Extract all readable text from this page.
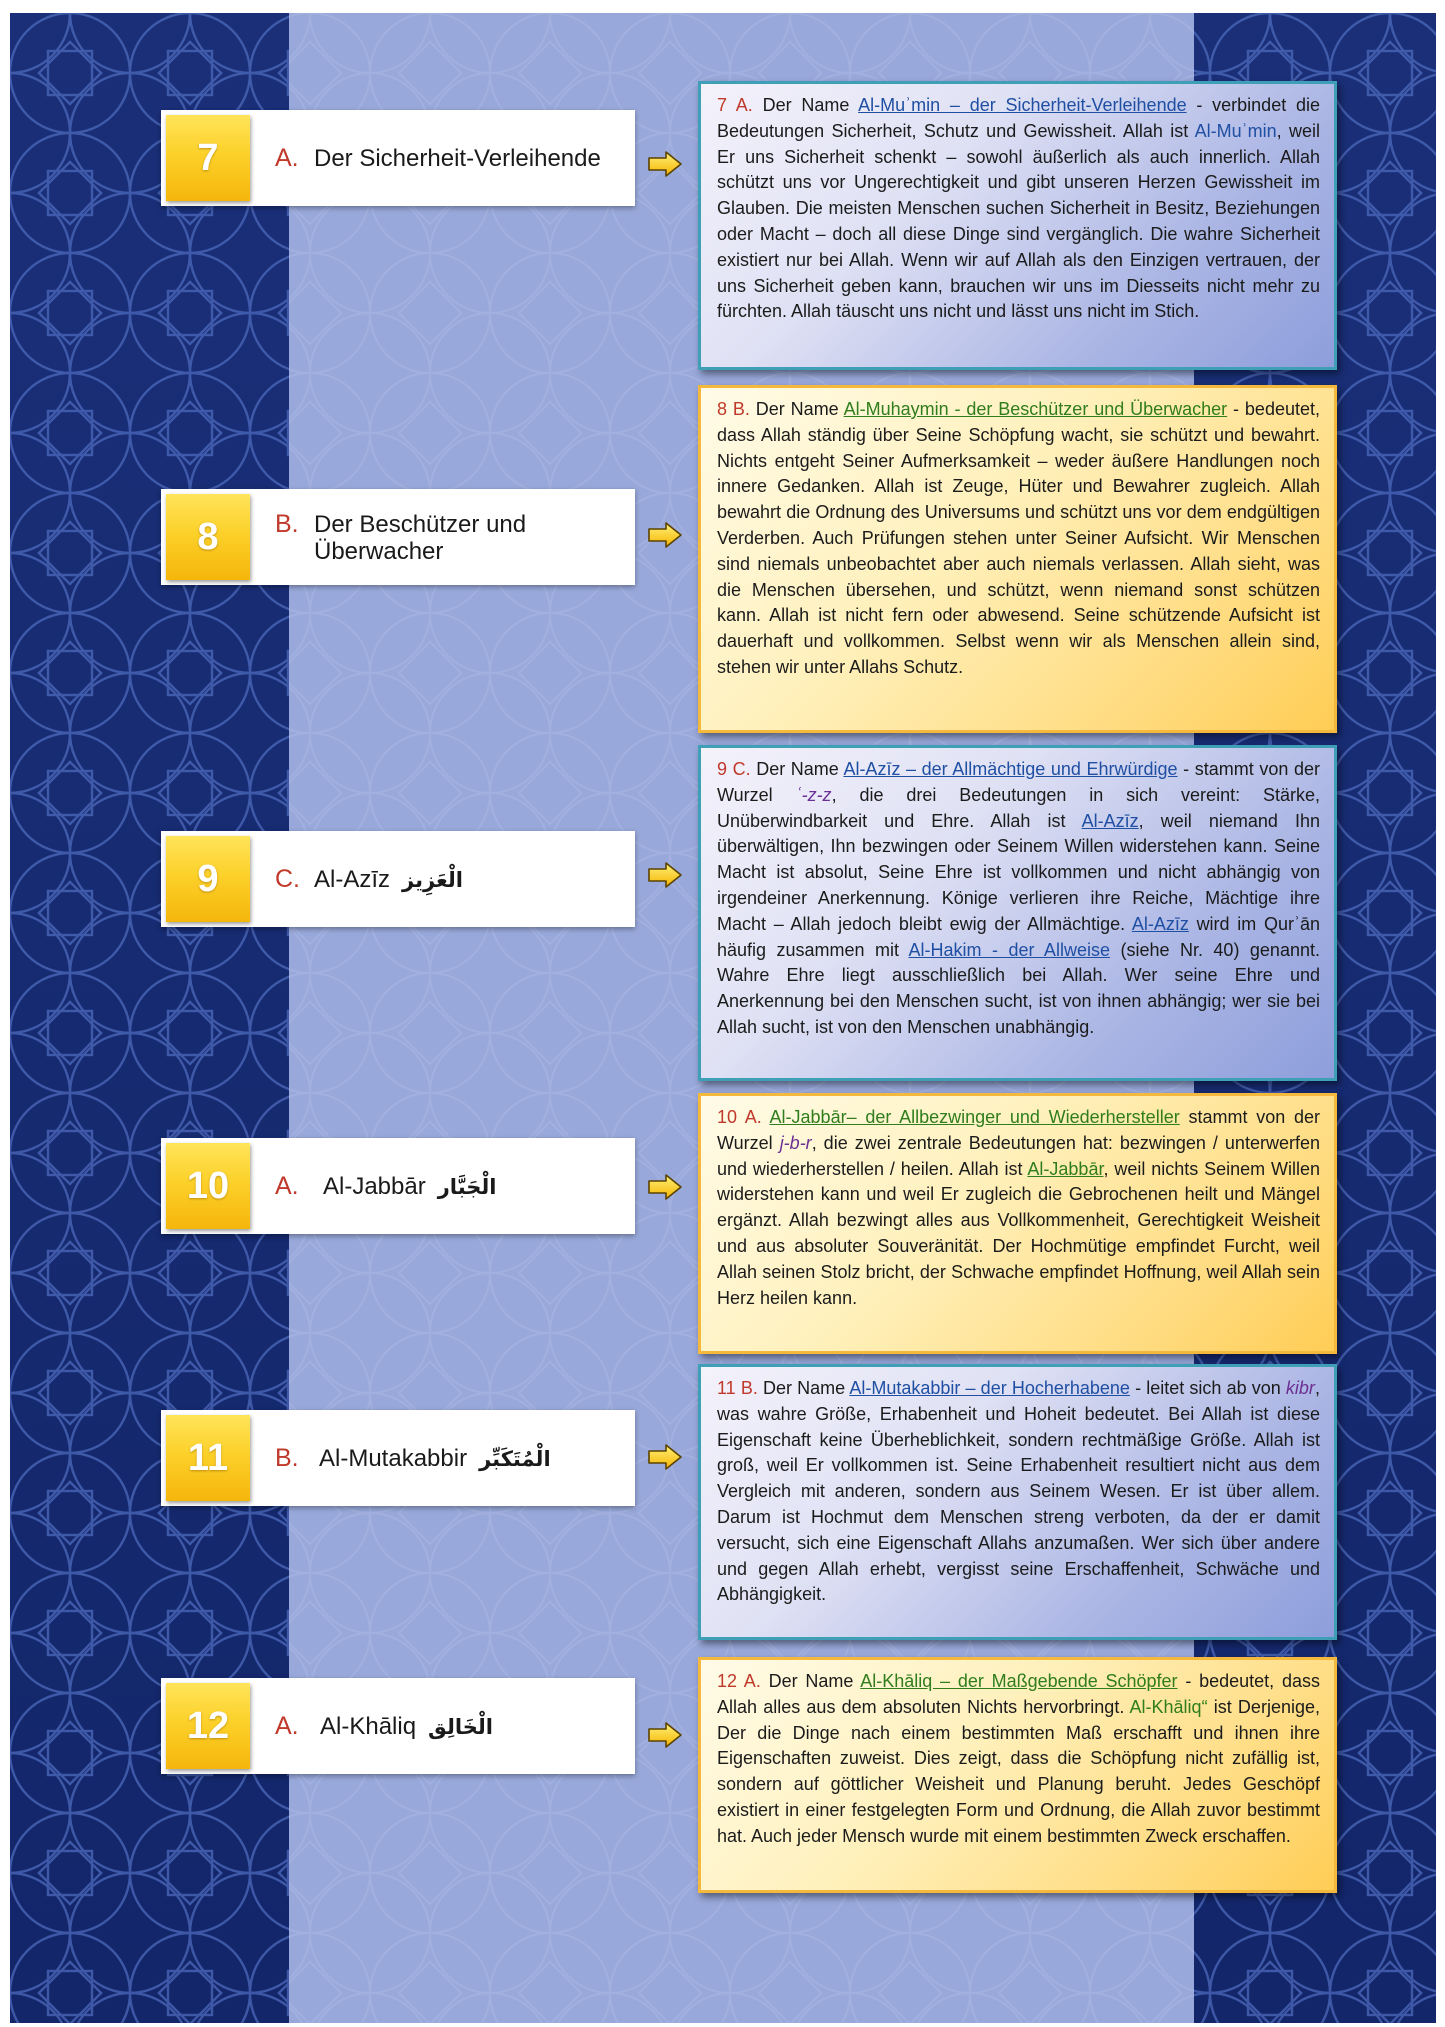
7	A. Der Sicherheit-Verleihende
7 A. Der Name Al-Muʾmin – der Sicherheit-Verleihende - verbindet die Bedeutungen Sicherheit, Schutz und Gewissheit. Allah ist Al-Muʾmin, weil Er uns Sicherheit schenkt – sowohl äußerlich als auch innerlich. Allah schützt uns vor Ungerechtigkeit und gibt unseren Herzen Gewissheit im Glauben. Die meisten Menschen suchen Sicherheit in Besitz, Beziehungen oder Macht – doch all diese Dinge sind vergänglich. Die wahre Sicherheit existiert nur bei Allah. Wenn wir auf Allah als den Einzigen vertrauen, der uns Sicherheit geben kann, brauchen wir uns im Diesseits nicht mehr zu fürchten. Allah täuscht uns nicht und lässt uns nicht im Stich.
8	B. Der Beschützer und Überwacher
8 B. Der Name Al-Muhaymin - der Beschützer und Überwacher - bedeutet, dass Allah ständig über Seine Schöpfung wacht, sie schützt und bewahrt. Nichts entgeht Seiner Aufmerksamkeit – weder äußere Handlungen noch innere Gedanken. Allah ist Zeuge, Hüter und Bewahrer zugleich. Allah bewahrt die Ordnung des Universums und schützt uns vor dem endgültigen Verderben. Auch Prüfungen stehen unter Seiner Aufsicht. Wir Menschen sind niemals unbeobachtet aber auch niemals verlassen. Allah sieht, was die Menschen übersehen, und schützt, wenn niemand sonst schützen kann. Allah ist nicht fern oder abwesend. Seine schützende Aufsicht ist dauerhaft und vollkommen. Selbst wenn wir als Menschen allein sind, stehen wir unter Allahs Schutz.
9	C. Al-Azīz الْعَزِيز
9 C. Der Name Al-Azīz – der Allmächtige und Ehrwürdige - stammt von der Wurzel ʿ-z-z, die drei Bedeutungen in sich vereint: Stärke, Unüberwindbarkeit und Ehre. Allah ist Al-Azīz, weil niemand Ihn überwältigen, Ihn bezwingen oder Seinem Willen widerstehen kann. Seine Macht ist absolut, Seine Ehre ist vollkommen und nicht abhängig von irgendeiner Anerkennung. Könige verlieren ihre Reiche, Mächtige ihre Macht – Allah jedoch bleibt ewig der Allmächtige. Al-Azīz wird im Qurʾān häufig zusammen mit Al-Hakim - der Allweise (siehe Nr. 40) genannt. Wahre Ehre liegt ausschließlich bei Allah. Wer seine Ehre und Anerkennung bei den Menschen sucht, ist von ihnen abhängig; wer sie bei Allah sucht, ist von den Menschen unabhängig.
10	A.	Al-Jabbār الْجَبَّار
10 A. Al-Jabbār– der Allbezwinger und Wiederhersteller stammt von der Wurzel j-b-r, die zwei zentrale Bedeutungen hat: bezwingen / unterwerfen und wiederherstellen / heilen. Allah ist Al-Jabbār, weil nichts Seinem Willen widerstehen kann und weil Er zugleich die Gebrochenen heilt und Mängel ergänzt. Allah bezwingt alles aus Vollkommenheit, Gerechtigkeit Weisheit und aus absoluter Souveränität. Der Hochmütige empfindet Furcht, weil Allah seinen Stolz bricht, der Schwache empfindet Hoffnung, weil Allah sein Herz heilen kann.
11	B. Al-Mutakabbir الْمُتَكَبِّر
11 B. Der Name Al-Mutakabbir – der Hocherhabene - leitet sich ab von kibr, was wahre Größe, Erhabenheit und Hoheit bedeutet. Bei Allah ist diese Eigenschaft keine Überheblichkeit, sondern rechtmäßige Größe. Allah ist groß, weil Er vollkommen ist. Seine Erhabenheit resultiert nicht aus dem Vergleich mit anderen, sondern aus Seinem Wesen. Er ist über allem. Darum ist Hochmut dem Menschen streng verboten, da der er damit versucht, sich eine Eigenschaft Allahs anzumaßen. Wer sich über andere und gegen Allah erhebt, vergisst seine Erschaffenheit, Schwäche und Abhängigkeit.
12	A. Al-Khāliq الْخَالِق
12 A. Der Name Al-Khāliq – der Maßgebende Schöpfer - bedeutet, dass Allah alles aus dem absoluten Nichts hervorbringt. Al-Khāliq“ ist Derjenige, Der die Dinge nach einem bestimmten Maß erschafft und ihnen ihre Eigenschaften zuweist. Dies zeigt, dass die Schöpfung nicht zufällig ist, sondern auf göttlicher Weisheit und Planung beruht. Jedes Geschöpf existiert in einer festgelegten Form und Ordnung, die Allah zuvor bestimmt hat. Auch jeder Mensch wurde mit einem bestimmten Zweck erschaffen.
